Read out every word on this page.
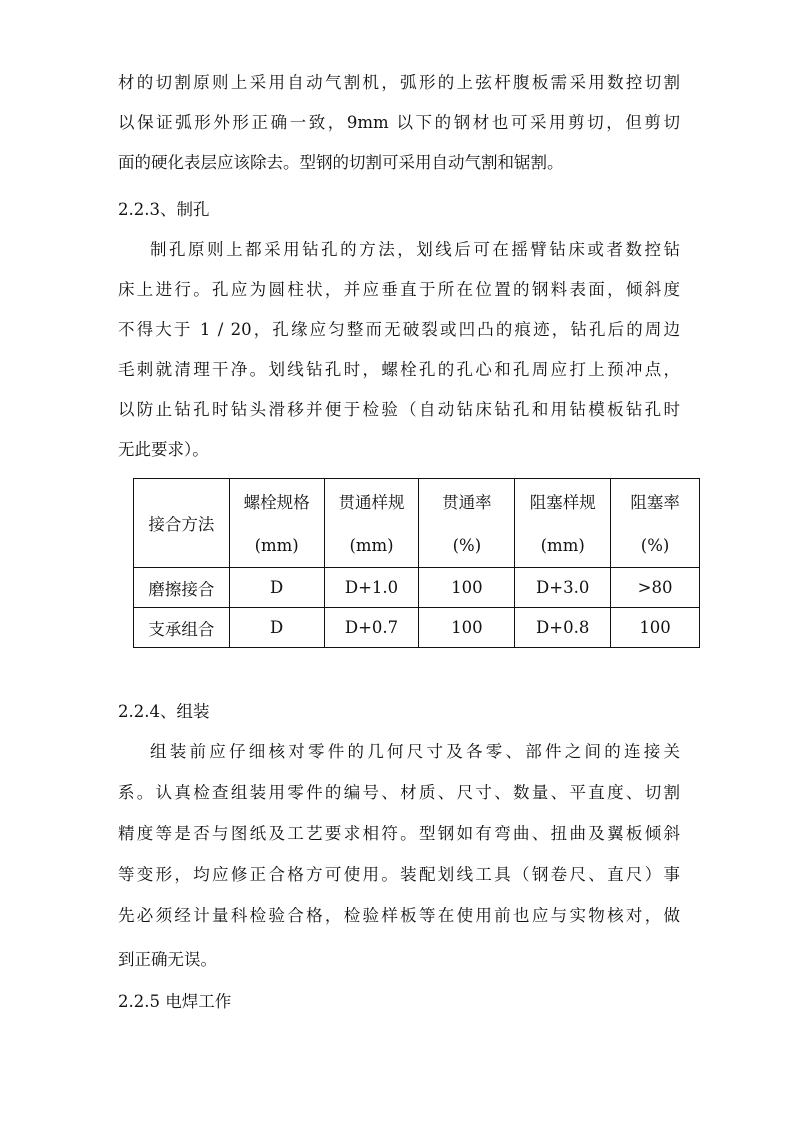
材的切割原则上采用自动气割机，弧形的上弦杆腹板需采用数控切割
以保证弧形外形正确一致，9mm 以下的钢材也可采用剪切，但剪切
面的硬化表层应该除去。型钢的切割可采用自动气割和锯割。
2.2.3、制孔
制孔原则上都采用钻孔的方法，划线后可在摇臂钻床或者数控钻
床上进行。孔应为圆柱状，并应垂直于所在位置的钢料表面，倾斜度
不得大于 1 / 20，孔缘应匀整而无破裂或凹凸的痕迹，钻孔后的周边
毛刺就清理干净。划线钻孔时，螺栓孔的孔心和孔周应打上预冲点，
以防止钻孔时钻头滑移并便于检验（自动钻床钻孔和用钻模板钻孔时
无此要求）。
接合方法	螺栓规格	贯通样规	贯通率	阻塞样规	阻塞率
	(mm)	(mm)	(%)	(mm)	(%)
磨擦接合	D	D+1.0	100	D+3.0	>80
支承组合	D	D+0.7	100	D+0.8	100
2.2.4、组装
组装前应仔细核对零件的几何尺寸及各零、部件之间的连接关
系。认真检查组装用零件的编号、材质、尺寸、数量、平直度、切割
精度等是否与图纸及工艺要求相符。型钢如有弯曲、扭曲及翼板倾斜
等变形，均应修正合格方可使用。装配划线工具（钢卷尺、直尺）事
先必须经计量科检验合格，检验样板等在使用前也应与实物核对，做
到正确无误。
2.2.5 电焊工作
